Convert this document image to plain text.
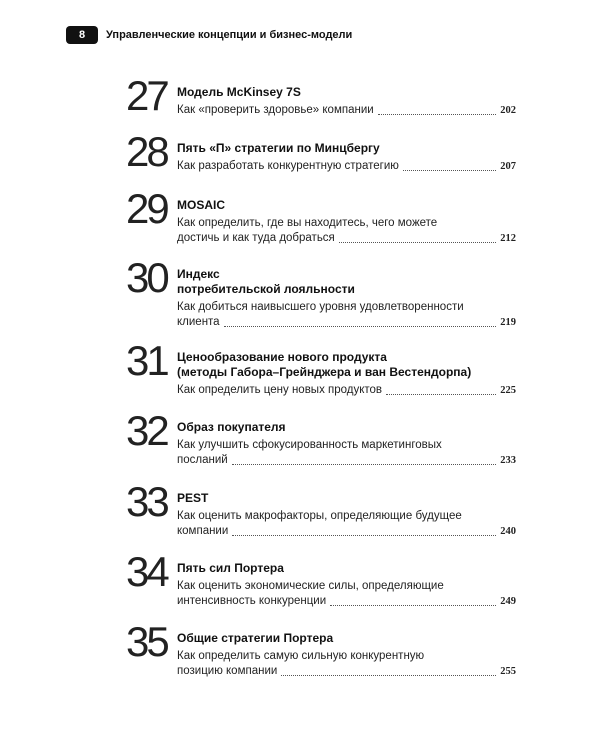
8	Управленческие концепции и бизнес-модели
27 Модель McKinsey 7S
Как «проверить здоровье» компании	202
28 Пять «П» стратегии по Минцбергу
Как разработать конкурентную стратегию	207
29 MOSAIC
Как определить, где вы находитесь, чего можете
достичь и как туда добраться	212
30 Индекс
потребительской лояльности
Как добиться наивысшего уровня удовлетворенности
клиента	219
31 Ценообразование нового продукта
(методы Габора–Грейнджера и ван Вестендорпа)
Как определить цену новых продуктов	225
32 Образ покупателя
Как улучшить сфокусированность маркетинговых
посланий	233
33 PEST
Как оценить макрофакторы, определяющие будущее
компании	240
34 Пять сил Портера
Как оценить экономические силы, определяющие
интенсивность конкуренции	249
35 Общие стратегии Портера
Как определить самую сильную конкурентную
позицию компании	255
